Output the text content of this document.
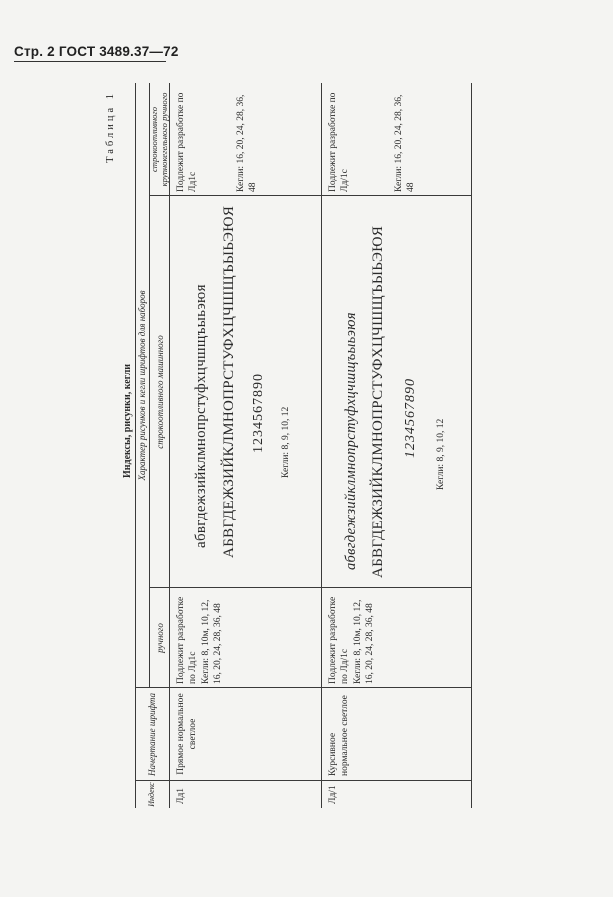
Стр. 2 ГОСТ 3489.37—72
Таблица 1
Индексы, рисунки, кегли
Индекс
Начертание шрифта
Характер рисунков и кегли шрифтов для наборов
ручного
строкоотливного машинного
строкоотливного крупнокегельного ручного
Лд1
Прямое нормальное светлое
Подлежит разработке по Лд1с Кегли: 8, 10м, 10, 12, 16, 20, 24, 28, 36, 48
абвгдежзийклмнопрстуфхцчшщъыьэюя АБВГДЕЖЗИЙКЛМНОПРСТУФХЦЧШЩЪЫЬЭЮЯ 1234567890 Кегли: 8, 9, 10, 12
Подлежит разработке по Лд1с	Кегли: 16, 20, 24, 28, 36, 48
Лд/1
Курсивное нормальное светлое
Подлежит разработке по Лд/1с Кегли: 8, 10м, 10, 12, 16, 20, 24, 28, 36, 48
абвгдежзийклмнопрстуфхцчшщъыьэюя АБВГДЕЖЗИЙКЛМНОПРСТУФХЦЧШЩЪЫЬЭЮЯ 1234567890 Кегли: 8, 9, 10, 12
Подлежит разработке по Лд/1с	Кегли: 16, 20, 24, 28, 36, 48
